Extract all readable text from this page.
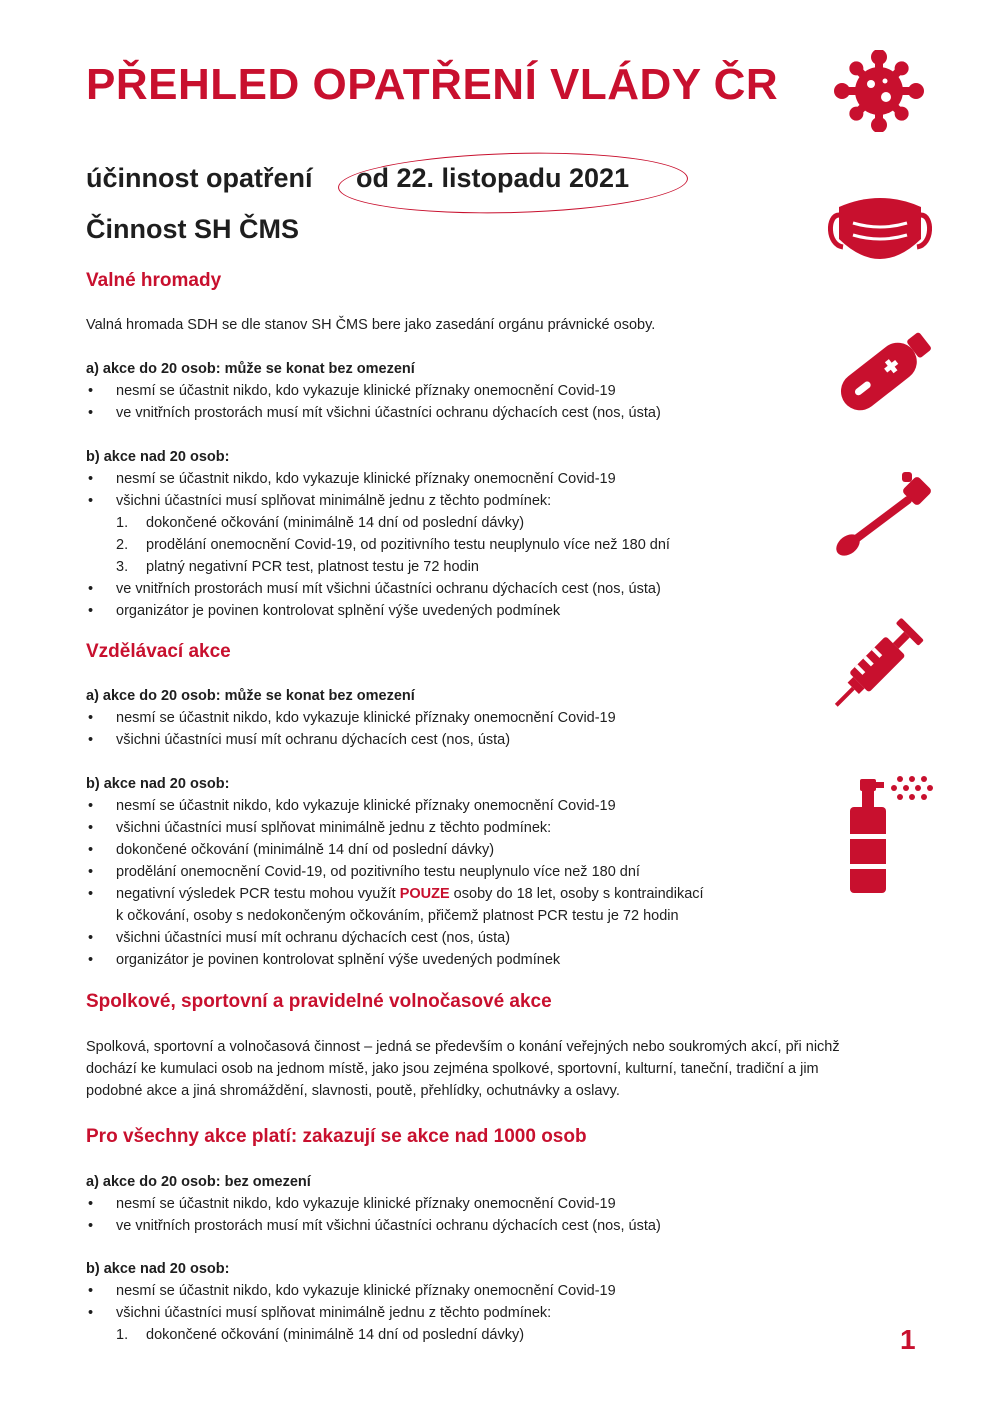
PŘEHLED OPATŘENÍ VLÁDY ČR
účinnost opatření od 22. listopadu 2021
Činnost SH ČMS
Valné hromady
Valná hromada SDH se dle stanov SH ČMS bere jako zasedání orgánu právnické osoby.
a) akce do 20 osob: může se konat bez omezení
• nesmí se účastnit nikdo, kdo vykazuje klinické příznaky onemocnění Covid-19
• ve vnitřních prostorách musí mít všichni účastníci ochranu dýchacích cest (nos, ústa)
b) akce nad 20 osob:
• nesmí se účastnit nikdo, kdo vykazuje klinické příznaky onemocnění Covid-19
• všichni účastníci musí splňovat minimálně jednu z těchto podmínek:
1. dokončené očkování (minimálně 14 dní od poslední dávky)
2. prodělání onemocnění Covid-19, od pozitivního testu neuplynulo více než 180 dní
3. platný negativní PCR test, platnost testu je 72 hodin
• ve vnitřních prostorách musí mít všichni účastníci ochranu dýchacích cest (nos, ústa)
• organizátor je povinen kontrolovat splnění výše uvedených podmínek
Vzdělávací akce
a) akce do 20 osob: může se konat bez omezení
• nesmí se účastnit nikdo, kdo vykazuje klinické příznaky onemocnění Covid-19
• všichni účastníci musí mít ochranu dýchacích cest (nos, ústa)
b) akce nad 20 osob:
• nesmí se účastnit nikdo, kdo vykazuje klinické příznaky onemocnění Covid-19
• všichni účastníci musí splňovat minimálně jednu z těchto podmínek:
• dokončené očkování (minimálně 14 dní od poslední dávky)
• prodělání onemocnění Covid-19, od pozitivního testu neuplynulo více než 180 dní
• negativní výsledek PCR testu mohou využít POUZE osoby do 18 let, osoby s kontraindikací
k očkování, osoby s nedokončeným očkováním, přičemž platnost PCR testu je 72 hodin
• všichni účastníci musí mít ochranu dýchacích cest (nos, ústa)
• organizátor je povinen kontrolovat splnění výše uvedených podmínek
Spolkové, sportovní a pravidelné volnočasové akce
Spolková, sportovní a volnočasová činnost – jedná se především o konání veřejných nebo soukromých akcí, při nichž
dochází ke kumulaci osob na jednom místě, jako jsou zejména spolkové, sportovní, kulturní, taneční, tradiční a jim
podobné akce a jiná shromáždění, slavnosti, poutě, přehlídky, ochutnávky a oslavy.
Pro všechny akce platí: zakazují se akce nad 1000 osob
a) akce do 20 osob: bez omezení
• nesmí se účastnit nikdo, kdo vykazuje klinické příznaky onemocnění Covid-19
• ve vnitřních prostorách musí mít všichni účastníci ochranu dýchacích cest (nos, ústa)
b) akce nad 20 osob:
• nesmí se účastnit nikdo, kdo vykazuje klinické příznaky onemocnění Covid-19
• všichni účastníci musí splňovat minimálně jednu z těchto podmínek:
1. dokončené očkování (minimálně 14 dní od poslední dávky)	1
